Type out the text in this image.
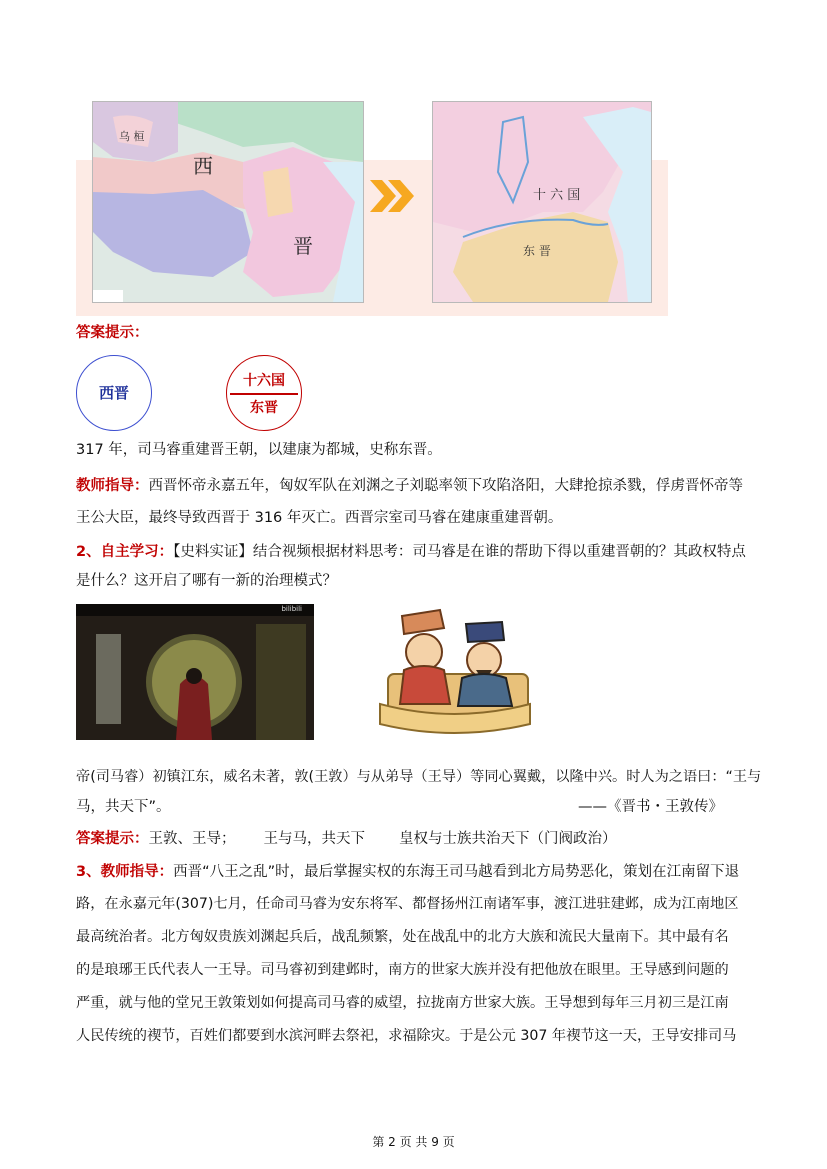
乌 桓
西
晋
十 六 国
东 晋
答案提示：
西晋
十六国
东晋
317 年，司马睿重建晋王朝，以建康为都城，史称东晋。
教师指导：西晋怀帝永嘉五年，匈奴军队在刘渊之子刘聪率领下攻陷洛阳，大肆抢掠杀戮，俘虏晋怀帝等
王公大臣，最终导致西晋于 316 年灭亡。西晋宗室司马睿在建康重建晋朝。
2、自主学习：【史料实证】结合视频根据材料思考：司马睿是在谁的帮助下得以重建晋朝的？其政权特点
是什么？这开启了哪有一新的治理模式？
bilibili
帝(司马睿）初镇江东，威名未著，敦(王敦）与从弟导（王导）等同心翼戴，以隆中兴。时人为之语曰：“王与
马，共天下”。	——《晋书・王敦传》
答案提示：王敦、王导； 王与马，共天下 皇权与士族共治天下（门阀政治）
3、教师指导：西晋“八王之乱”时，最后掌握实权的东海王司马越看到北方局势恶化，策划在江南留下退
路，在永嘉元年(307)七月，任命司马睿为安东将军、都督扬州江南诸军事，渡江进驻建邺，成为江南地区
最高统治者。北方匈奴贵族刘渊起兵后，战乱频繁，处在战乱中的北方大族和流民大量南下。其中最有名
的是琅琊王氏代表人一王导。司马睿初到建邺时，南方的世家大族并没有把他放在眼里。王导感到问题的
严重，就与他的堂兄王敦策划如何提高司马睿的威望，拉拢南方世家大族。王导想到每年三月初三是江南
人民传统的禊节，百姓们都要到水滨河畔去祭祀，求福除灾。于是公元 307 年禊节这一天，王导安排司马
第 2 页 共 9 页
